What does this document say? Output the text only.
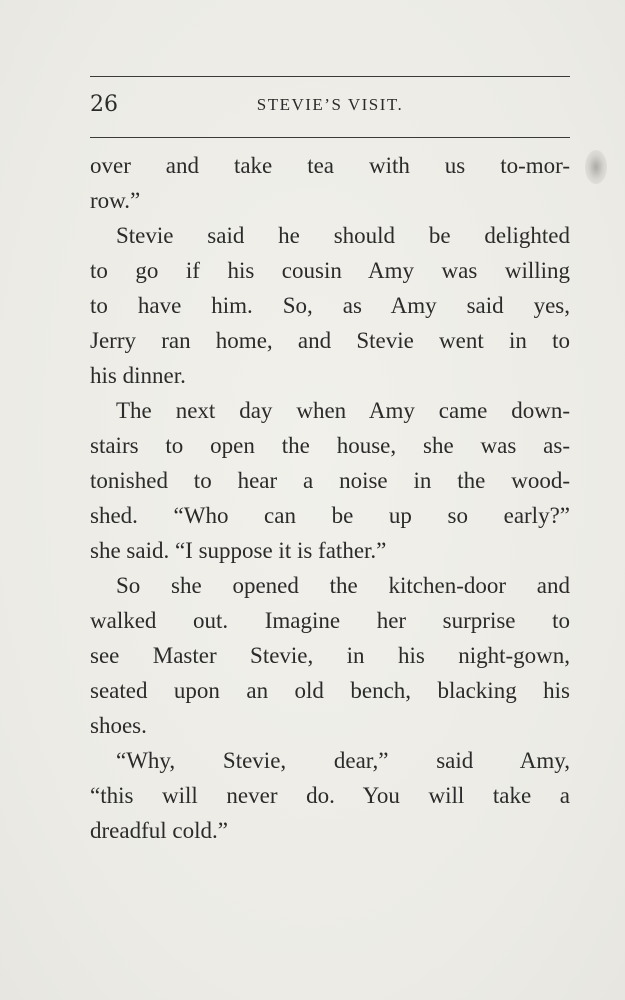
26	STEVIE’S VISIT.
over and take tea with us to-mor-
row.”
Stevie said he should be delighted
to go if his cousin Amy was willing
to have him. So, as Amy said yes,
Jerry ran home, and Stevie went in to
his dinner.
The next day when Amy came down-
stairs to open the house, she was as-
tonished to hear a noise in the wood-
shed. “Who can be up so early?”
she said. “I suppose it is father.”
So she opened the kitchen-door and
walked out. Imagine her surprise to
see Master Stevie, in his night-gown,
seated upon an old bench, blacking his
shoes.
“Why, Stevie, dear,” said Amy,
“this will never do. You will take a
dreadful cold.”
